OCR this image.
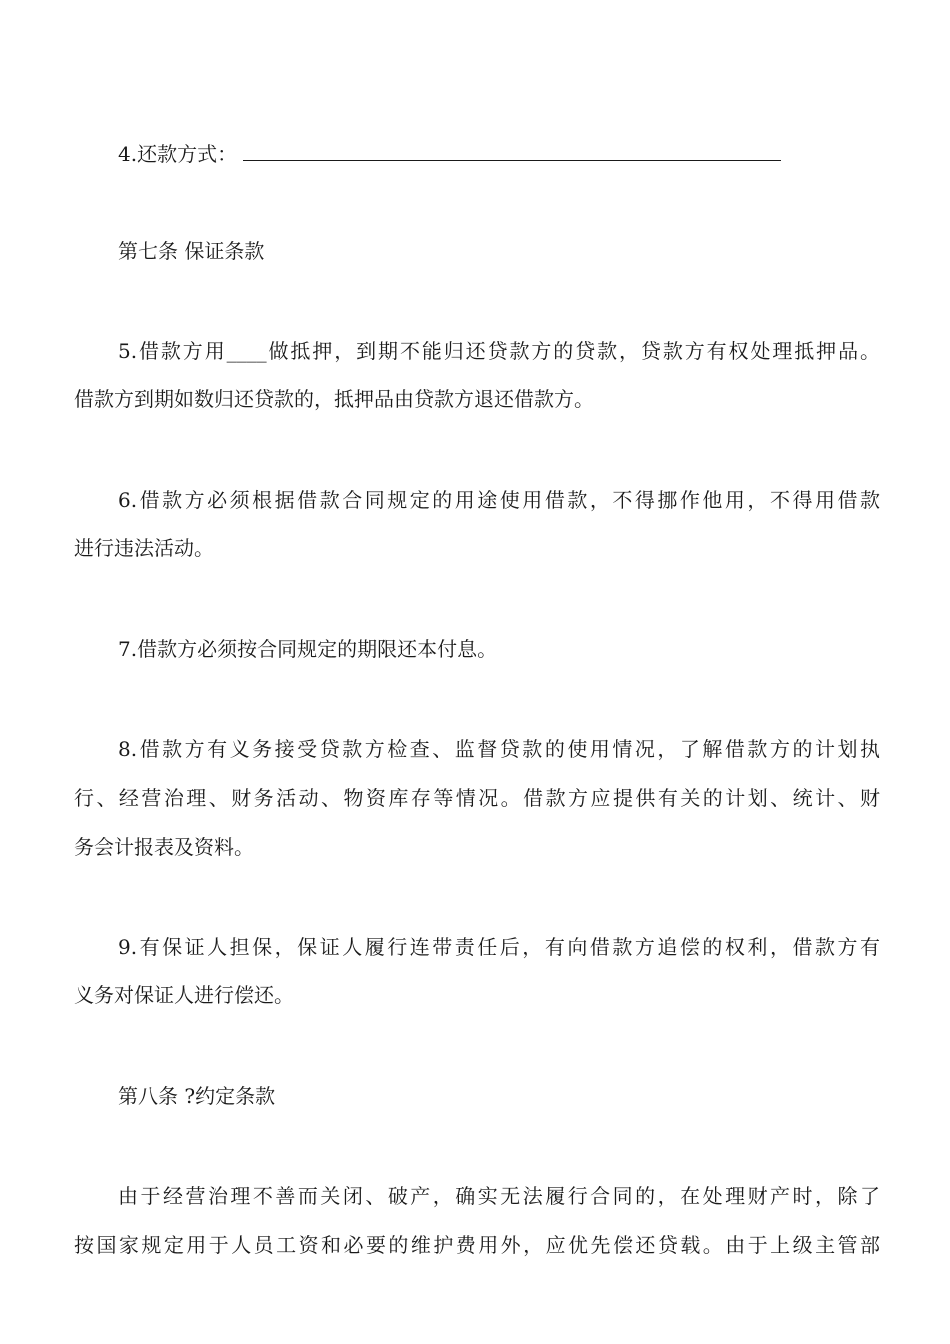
4.还款方式：
第七条 保证条款
5.借款方用____做抵押，到期不能归还贷款方的贷款，贷款方有权处理抵押品。
借款方到期如数归还贷款的，抵押品由贷款方退还借款方。
6.借款方必须根据借款合同规定的用途使用借款，不得挪作他用，不得用借款
进行违法活动。
7.借款方必须按合同规定的期限还本付息。
8.借款方有义务接受贷款方检查、监督贷款的使用情况，了解借款方的计划执
行、经营治理、财务活动、物资库存等情况。借款方应提供有关的计划、统计、财
务会计报表及资料。
9.有保证人担保，保证人履行连带责任后，有向借款方追偿的权利，借款方有
义务对保证人进行偿还。
第八条 ?约定条款
由于经营治理不善而关闭、破产，确实无法履行合同的，在处理财产时，除了
按国家规定用于人员工资和必要的维护费用外，应优先偿还贷载。由于上级主管部
